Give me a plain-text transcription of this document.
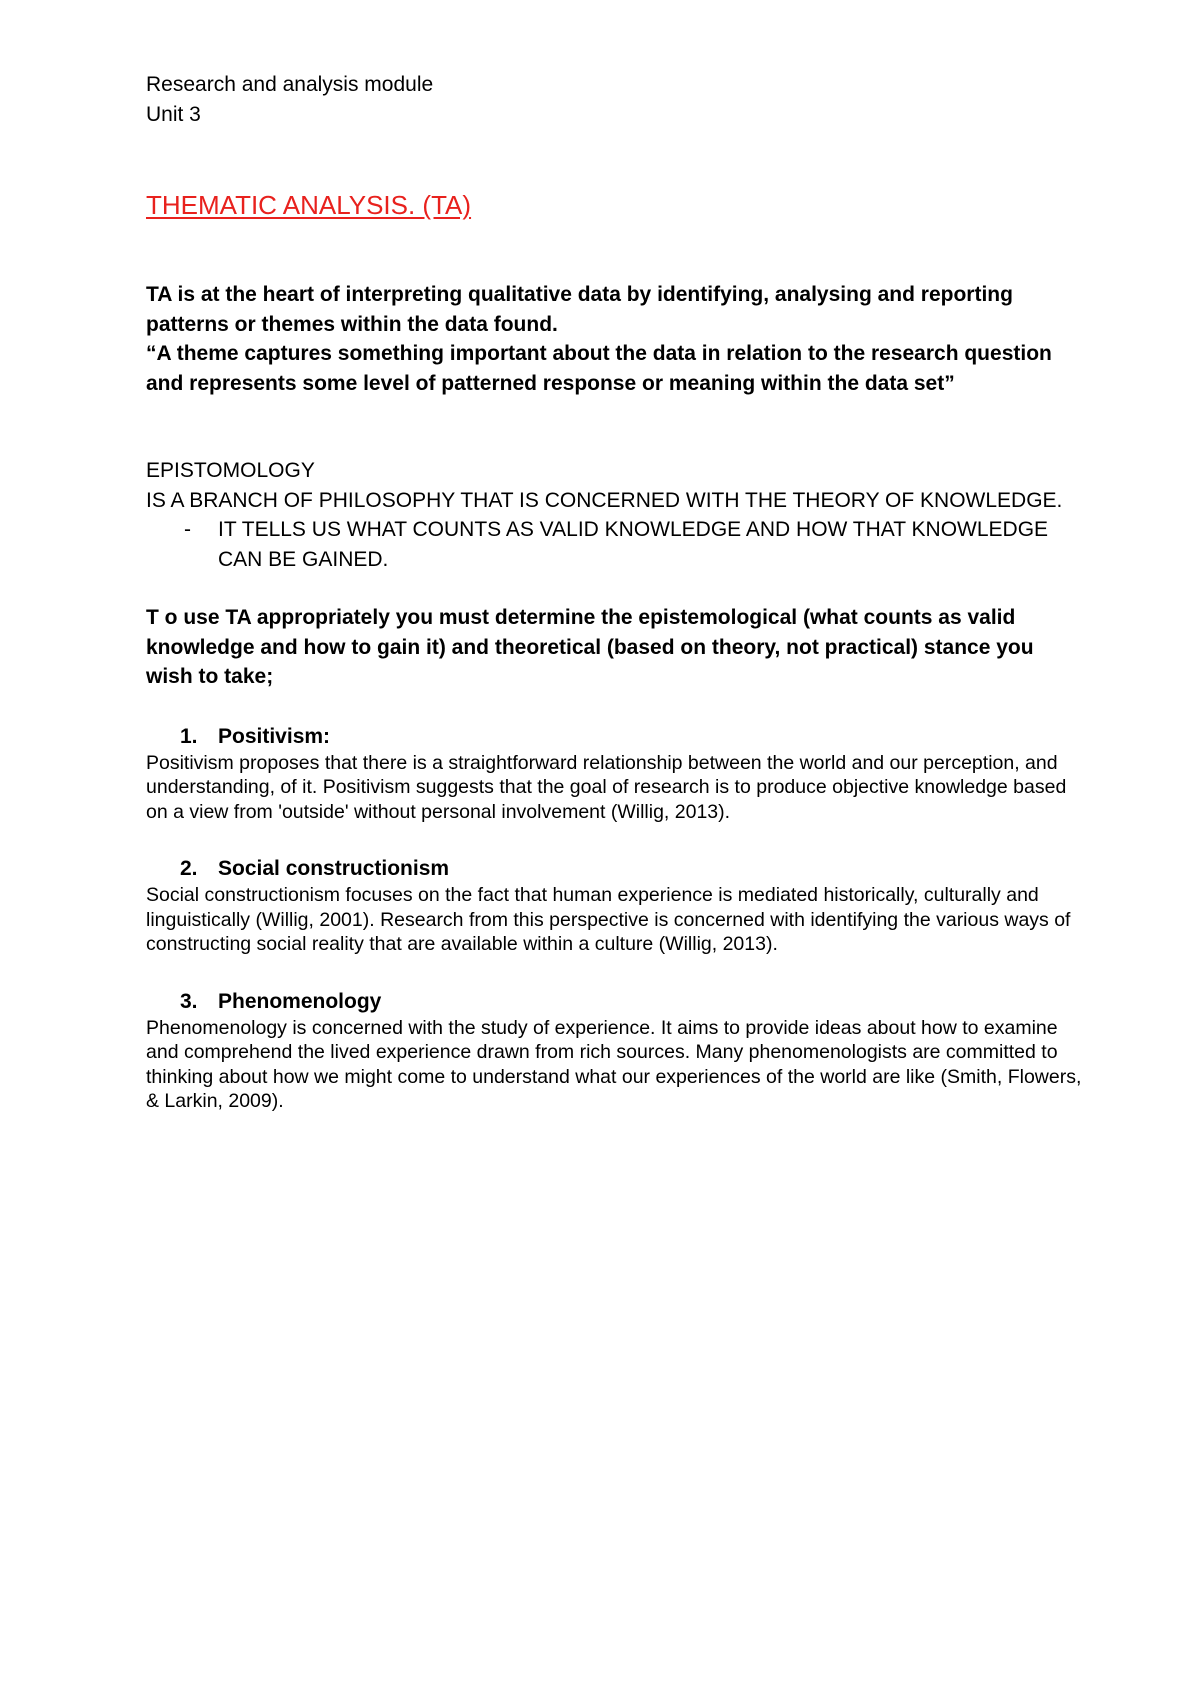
Research and analysis module

Unit 3

THEMATIC ANALYSIS. (TA)

TA is at the heart of interpreting qualitative data by identifying, analysing and reporting patterns or themes within the data found.

“A theme captures something important about the data in relation to the research question and represents some level of patterned response or meaning within the data set”

EPISTOMOLOGY

IS A BRANCH OF PHILOSOPHY THAT IS CONCERNED WITH THE THEORY OF KNOWLEDGE.

-	IT TELLS US WHAT COUNTS AS VALID KNOWLEDGE AND HOW THAT KNOWLEDGE CAN BE GAINED.

T o use TA appropriately you must determine the epistemological (what counts as valid knowledge and how to gain it) and theoretical (based on theory, not practical) stance you wish to take;

1. Positivism:

Positivism proposes that there is a straightforward relationship between the world and our perception, and understanding, of it. Positivism suggests that the goal of research is to produce objective knowledge based on a view from 'outside' without personal involvement (Willig, 2013).

2. Social constructionism

Social constructionism focuses on the fact that human experience is mediated historically, culturally and linguistically (Willig, 2001). Research from this perspective is concerned with identifying the various ways of constructing social reality that are available within a culture (Willig, 2013).

3. Phenomenology

Phenomenology is concerned with the study of experience. It aims to provide ideas about how to examine and comprehend the lived experience drawn from rich sources. Many phenomenologists are committed to thinking about how we might come to understand what our experiences of the world are like (Smith, Flowers, & Larkin, 2009).
